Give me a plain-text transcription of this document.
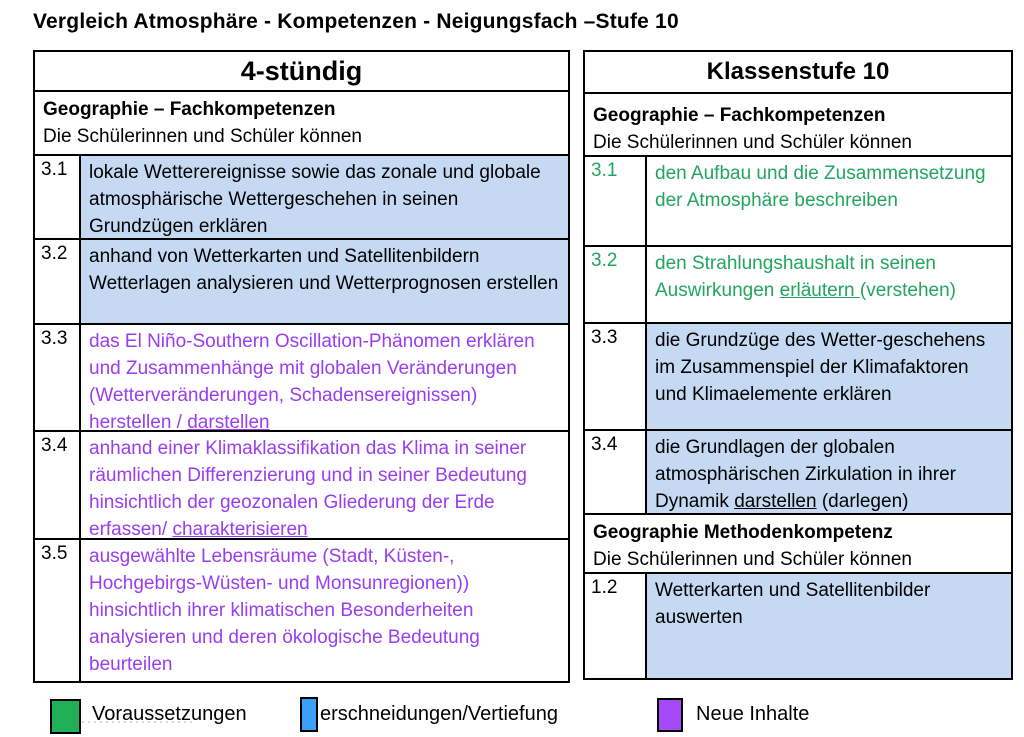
Vergleich Atmosphäre - Kompetenzen - Neigungsfach –Stufe 10
4-stündig
Geographie – Fachkompetenzen
Die Schülerinnen und Schüler können
3.1	lokale Wetterereignisse sowie das zonale und globale atmosphärische Wettergeschehen in seinen Grundzügen erklären
3.2	anhand von Wetterkarten und Satellitenbildern Wetterlagen analysieren und Wetterprognosen erstellen
3.3	das El Niño-Southern Oscillation-Phänomen erklären und Zusammenhänge mit globalen Veränderungen (Wetterveränderungen, Schadensereignissen) herstellen / darstellen
3.4	anhand einer Klimaklassifikation das Klima in seiner räumlichen Differenzierung und in seiner Bedeutung hinsichtlich der geozonalen Gliederung der Erde erfassen/ charakterisieren
3.5	ausgewählte Lebensräume (Stadt, Küsten-, Hochgebirgs-Wüsten- und Monsunregionen)) hinsichtlich ihrer klimatischen Besonderheiten analysieren und deren ökologische Bedeutung beurteilen
Klassenstufe 10
Geographie – Fachkompetenzen
Die Schülerinnen und Schüler können
3.1	den Aufbau und die Zusammensetzung der Atmosphäre beschreiben
3.2	den Strahlungshaushalt in seinen Auswirkungen erläutern (verstehen)
3.3	die Grundzüge des Wetter-geschehens im Zusammenspiel der Klimafaktoren und Klimaelemente erklären
3.4	die Grundlagen der globalen atmosphärischen Zirkulation in ihrer Dynamik darstellen (darlegen)
Geographie Methodenkompetenz
Die Schülerinnen und Schüler können
1.2	Wetterkarten und Satellitenbilder auswerten
Voraussetzungen	erschneidungen/Vertiefung	Neue Inhalte
